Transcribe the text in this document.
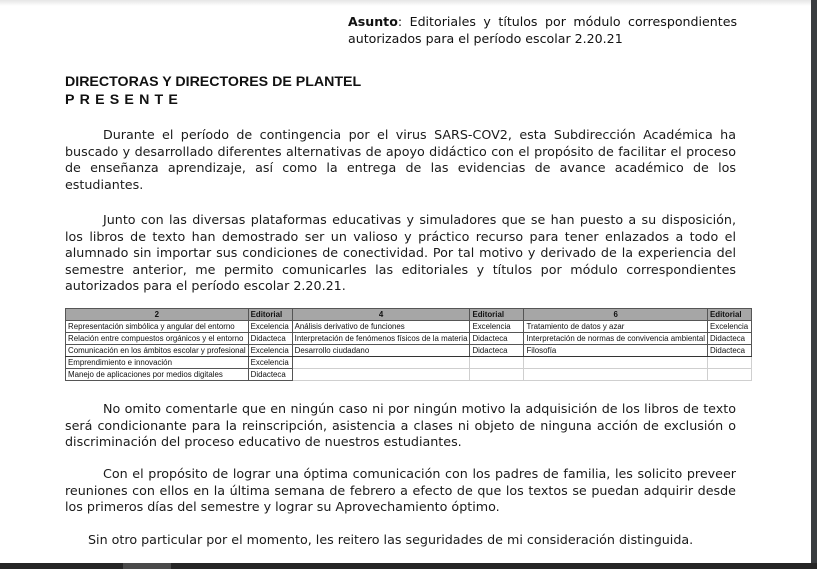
Asunto: Editoriales y títulos por módulo correspondientes autorizados para el período escolar 2.20.21
DIRECTORAS Y DIRECTORES DE PLANTEL
PRESENTE

Durante el período de contingencia por el virus SARS-COV2, esta Subdirección Académica ha buscado y desarrollado diferentes alternativas de apoyo didáctico con el propósito de facilitar el proceso de enseñanza aprendizaje, así como la entrega de las evidencias de avance académico de los estudiantes.

Junto con las diversas plataformas educativas y simuladores que se han puesto a su disposición, los libros de texto han demostrado ser un valioso y práctico recurso para tener enlazados a todo el alumnado sin importar sus condiciones de conectividad. Por tal motivo y derivado de la experiencia del semestre anterior, me permito comunicarles las editoriales y títulos por módulo correspondientes autorizados para el período escolar 2.20.21.

2	Editorial	4	Editorial	6	Editorial
Representación simbólica y angular del entorno	Excelencia	Análisis derivativo de funciones	Excelencia	Tratamiento de datos y azar	Excelencia
Relación entre compuestos orgánicos y el entorno	Didacteca	Interpretación de fenómenos físicos de la materia	Didacteca	Interpretación de normas de convivencia ambiental	Didacteca
Comunicación en los ámbitos escolar y profesional	Excelencia	Desarrollo ciudadano	Didacteca	Filosofía	Didacteca
Emprendimiento e innovación	Excelencia				
Manejo de aplicaciones por medios digitales	Didacteca				

No omito comentarle que en ningún caso ni por ningún motivo la adquisición de los libros de texto será condicionante para la reinscripción, asistencia a clases ni objeto de ninguna acción de exclusión o discriminación del proceso educativo de nuestros estudiantes.

Con el propósito de lograr una óptima comunicación con los padres de familia, les solicito preveer reuniones con ellos en la última semana de febrero a efecto de que los textos se puedan adquirir desde los primeros días del semestre y lograr su Aprovechamiento óptimo.

Sin otro particular por el momento, les reitero las seguridades de mi consideración distinguida.
